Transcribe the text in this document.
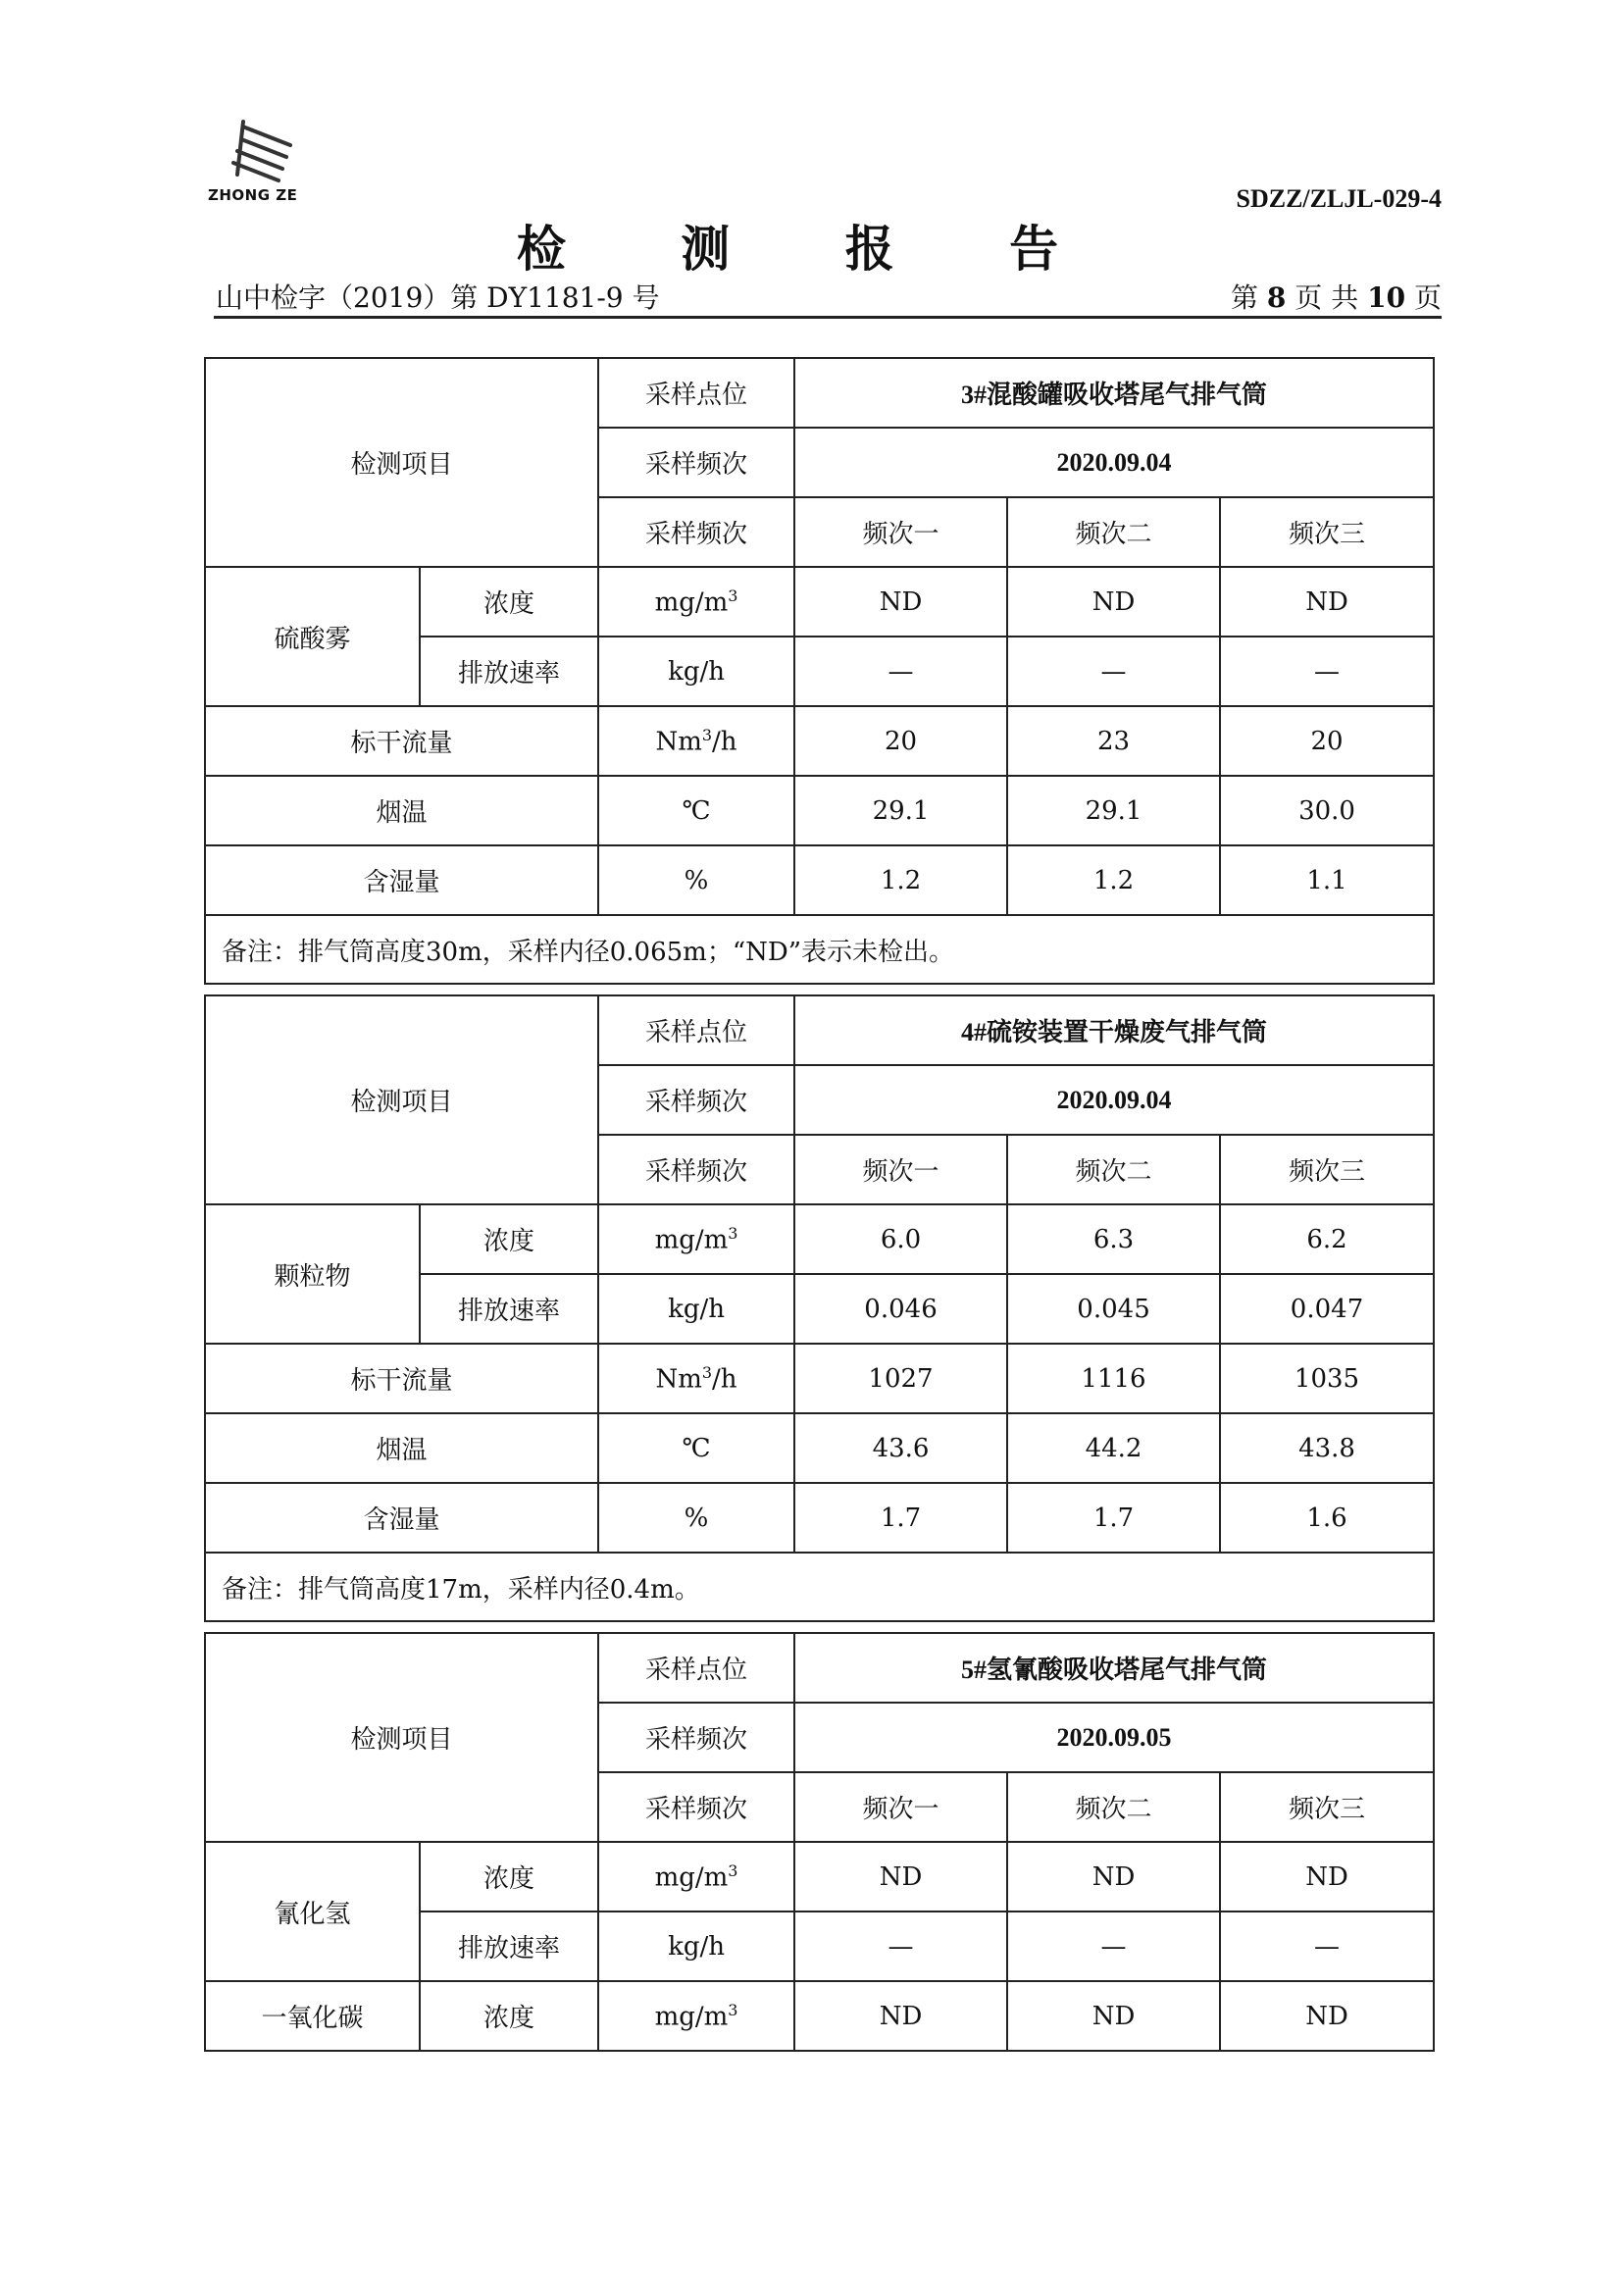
ZHONG ZE	SDZZ/ZLJL-029-4
检 测 报 告
山中检字（2019）第 DY1181-9 号	第 8 页 共 10 页
检测项目		采样点位	3#混酸罐吸收塔尾气排气筒		
		采样频次	2020.09.04		
		采样频次	频次一	频次二	频次三
硫酸雾	浓度	$mg/m^3$	ND	ND	ND
	排放速率	kg/h	—	—	—
标干流量		Nm$^3$/h	20	23	20
烟温		℃	29.1	29.1	30.0
含湿量		%	1.2	1.2	1.1
备注：排气筒高度30m，采样内径0.065m；“ND”表示未检出。					
检测项目		采样点位	4#硫铵装置干燥废气排气筒		
		采样频次	2020.09.04		
		采样频次	频次一	频次二	频次三
颗粒物	浓度	$mg/m^3$	6.0	6.3	6.2
	排放速率	kg/h	0.046	0.045	0.047
标干流量		Nm$^3$/h	1027	1116	1035
烟温		℃	43.6	44.2	43.8
含湿量		%	1.7	1.7	1.6
备注：排气筒高度17m，采样内径0.4m。					
检测项目		采样点位	5#氢氰酸吸收塔尾气排气筒		
		采样频次	2020.09.05		
		采样频次	频次一	频次二	频次三
氰化氢	浓度	$mg/m^3$	ND	ND	ND
	排放速率	kg/h	—	—	—
一氧化碳	浓度	$mg/m^3$	ND	ND	ND
